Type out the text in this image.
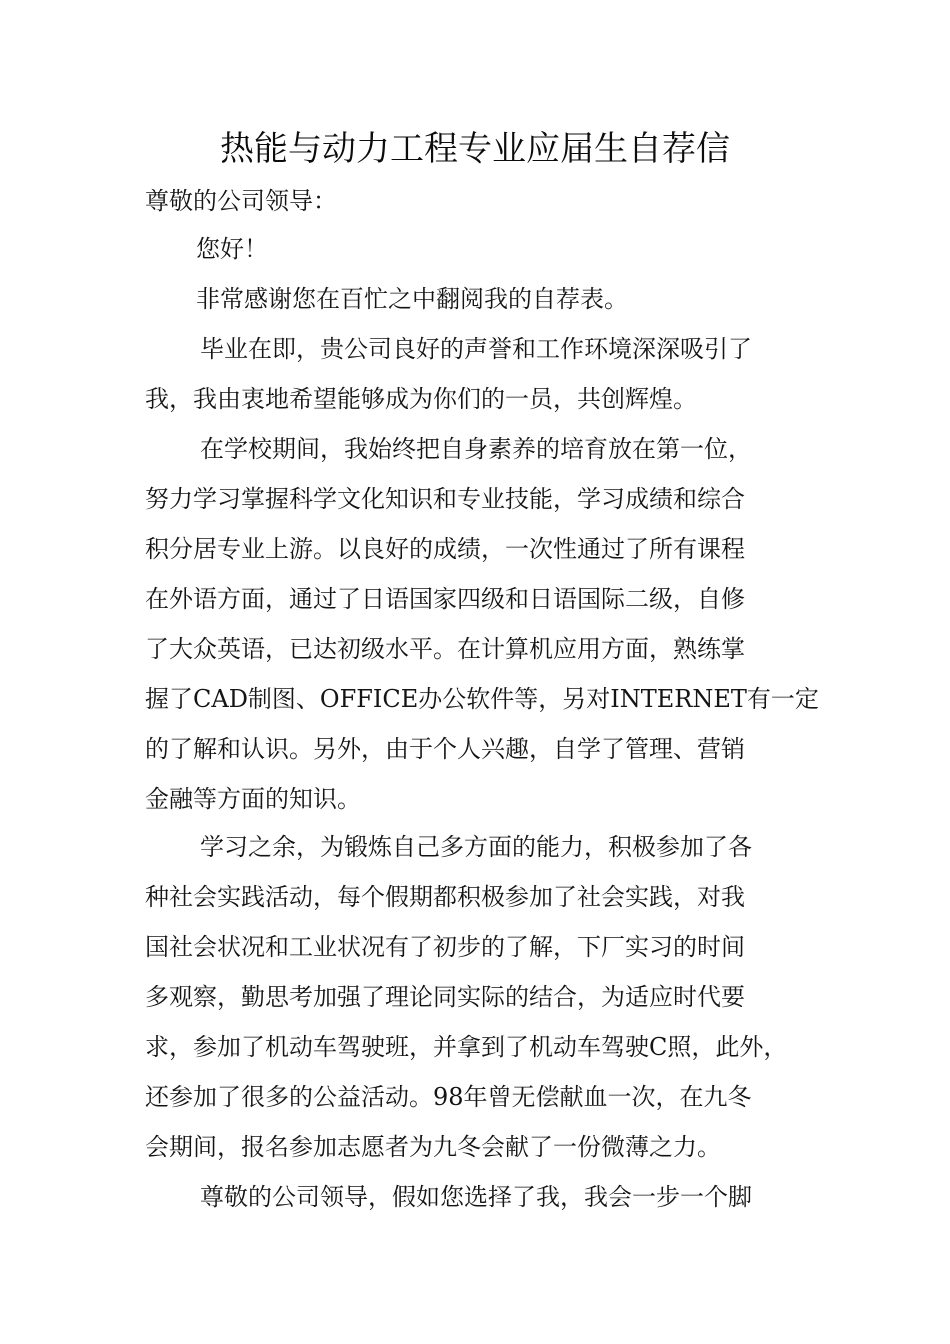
热能与动力工程专业应届生自荐信
尊敬的公司领导：
您好！
非常感谢您在百忙之中翻阅我的自荐表。
毕业在即，贵公司良好的声誉和工作环境深深吸引了
我，我由衷地希望能够成为你们的一员，共创辉煌。
在学校期间，我始终把自身素养的培育放在第一位，
努力学习掌握科学文化知识和专业技能，学习成绩和综合
积分居专业上游。以良好的成绩，一次性通过了所有课程
在外语方面，通过了日语国家四级和日语国际二级，自修
了大众英语，已达初级水平。在计算机应用方面，熟练掌
握了CAD制图、OFFICE办公软件等，另对INTERNET有一定
的了解和认识。另外，由于个人兴趣，自学了管理、营销
金融等方面的知识。
学习之余，为锻炼自己多方面的能力，积极参加了各
种社会实践活动，每个假期都积极参加了社会实践，对我
国社会状况和工业状况有了初步的了解，下厂实习的时间
多观察，勤思考加强了理论同实际的结合，为适应时代要
求，参加了机动车驾驶班，并拿到了机动车驾驶C照，此外，
还参加了很多的公益活动。98年曾无偿献血一次，在九冬
会期间，报名参加志愿者为九冬会献了一份微薄之力。
尊敬的公司领导，假如您选择了我，我会一步一个脚
